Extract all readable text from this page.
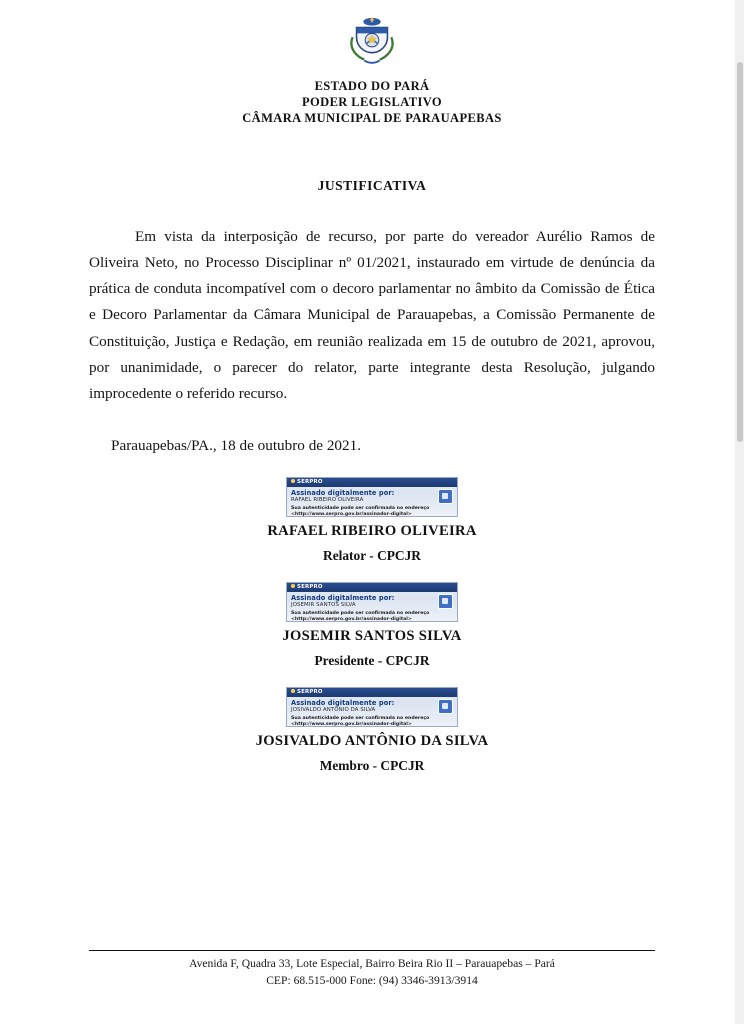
ESTADO DO PARÁ
PODER LEGISLATIVO
CÂMARA MUNICIPAL DE PARAUAPEBAS
JUSTIFICATIVA

Em vista da interposição de recurso, por parte do vereador Aurélio Ramos de Oliveira Neto, no Processo Disciplinar nº 01/2021, instaurado em virtude de denúncia da prática de conduta incompatível com o decoro parlamentar no âmbito da Comissão de Ética e Decoro Parlamentar da Câmara Municipal de Parauapebas, a Comissão Permanente de Constituição, Justiça e Redação, em reunião realizada em 15 de outubro de 2021, aprovou, por unanimidade, o parecer do relator, parte integrante desta Resolução, julgando improcedente o referido recurso.

Parauapebas/PA., 18 de outubro de 2021.

SERPRO
Assinado digitalmente por:
RAFAEL RIBEIRO OLIVEIRA
Sua autenticidade pode ser confirmada no endereço
<http://www.serpro.gov.br/assinador-digital>
RAFAEL RIBEIRO OLIVEIRA
Relator - CPCJR
SERPRO
Assinado digitalmente por:
JOSEMIR SANTOS SILVA
Sua autenticidade pode ser confirmada no endereço
<http://www.serpro.gov.br/assinador-digital>
JOSEMIR SANTOS SILVA
Presidente - CPCJR
SERPRO
Assinado digitalmente por:
JOSIVALDO ANTÔNIO DA SILVA
Sua autenticidade pode ser confirmada no endereço
<http://www.serpro.gov.br/assinador-digital>
JOSIVALDO ANTÔNIO DA SILVA
Membro - CPCJR
Avenida F, Quadra 33, Lote Especial, Bairro Beira Rio II – Parauapebas – Pará
CEP: 68.515-000 Fone: (94) 3346-3913/3914
